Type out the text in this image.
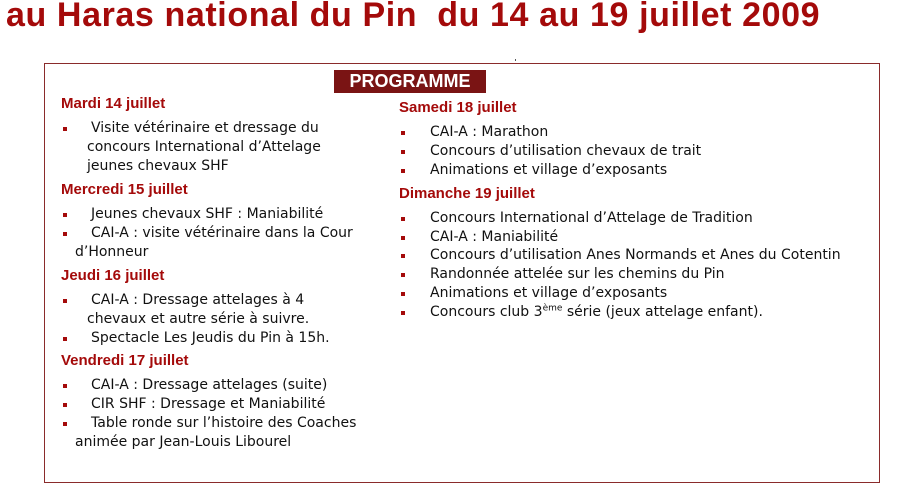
au Haras national du Pin  du 14 au 19 juillet 2009
PROGRAMME
Mardi 14 juillet
Visite vétérinaire et dressage du concours International d’Attelage jeunes chevaux SHF
Mercredi 15 juillet
Jeunes chevaux SHF : Maniabilité
CAI-A : visite vétérinaire dans la Cour d’Honneur
Jeudi 16 juillet
CAI-A : Dressage attelages à 4 chevaux et autre série à suivre.
Spectacle Les Jeudis du Pin à 15h.
Vendredi 17 juillet
CAI-A : Dressage attelages (suite)
CIR SHF : Dressage et Maniabilité
Table ronde sur l’histoire des Coaches animée par Jean-Louis Libourel
Samedi 18 juillet
CAI-A : Marathon
Concours d’utilisation chevaux de trait
Animations et village d’exposants
Dimanche 19 juillet
Concours International d’Attelage de Tradition
CAI-A : Maniabilité
Concours d’utilisation Anes Normands et Anes du Cotentin
Randonnée attelée sur les chemins du Pin
Animations et village d’exposants
Concours club 3ème série (jeux attelage enfant).
